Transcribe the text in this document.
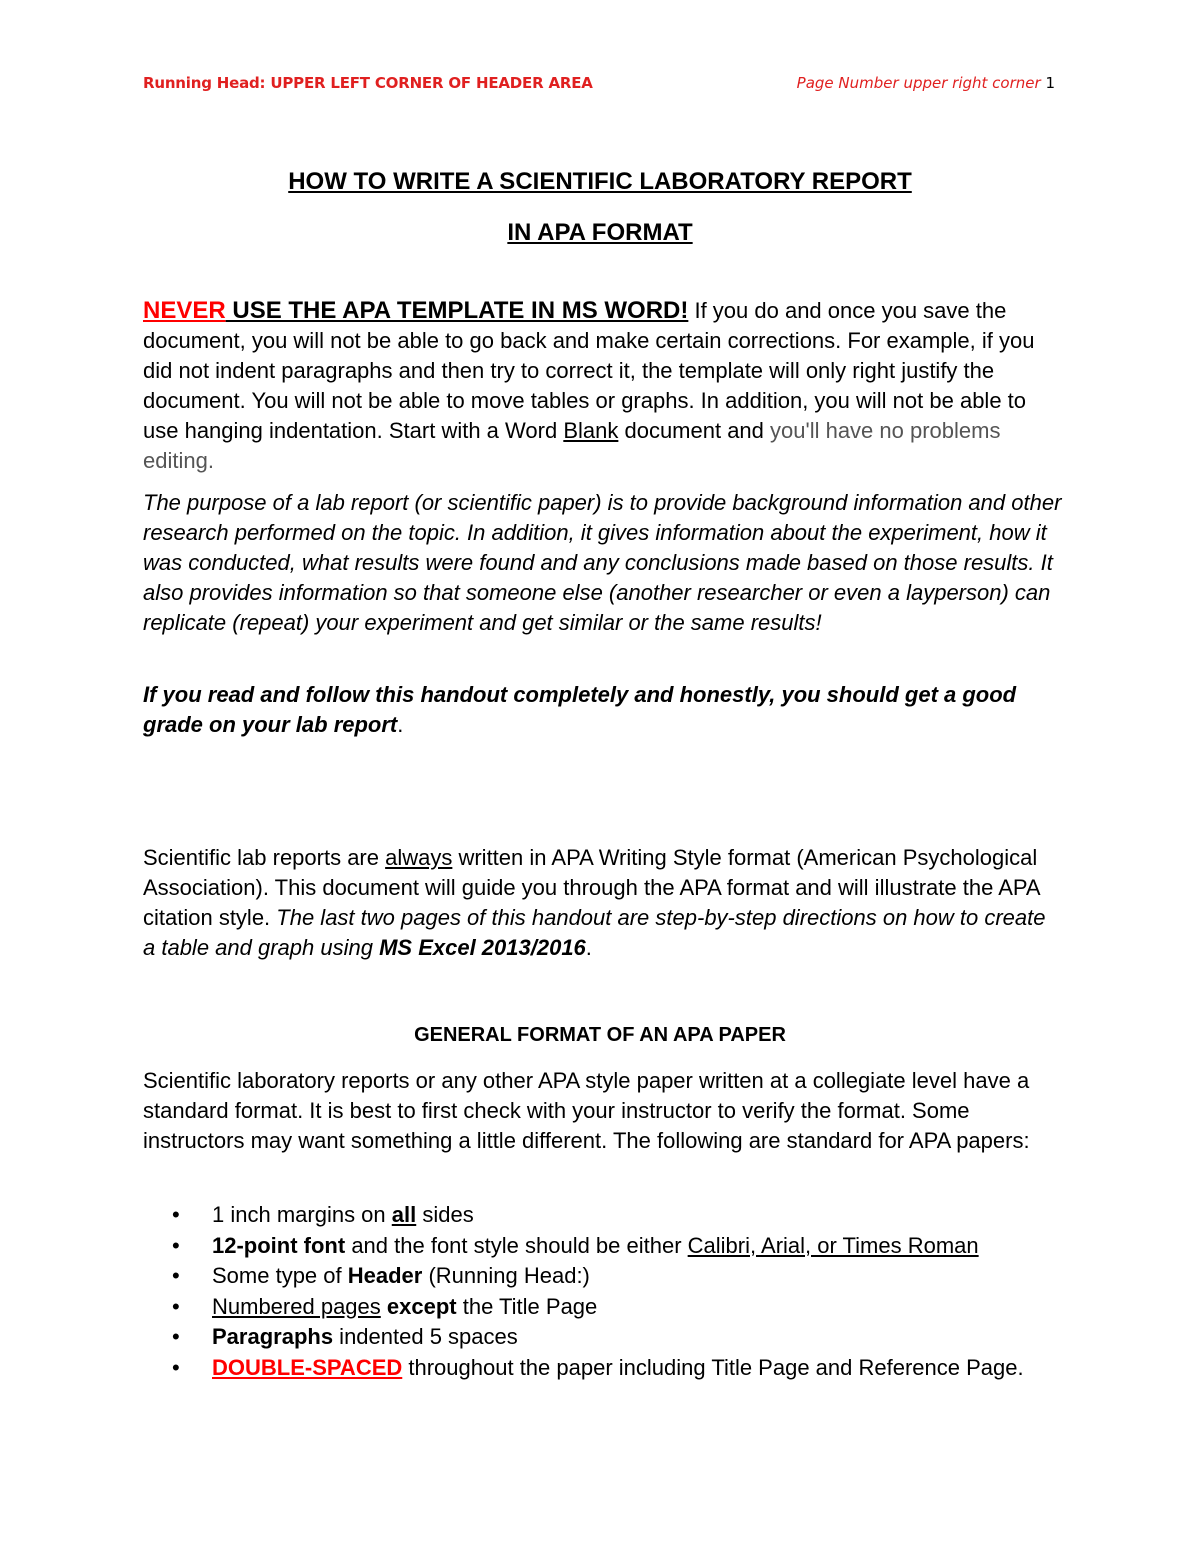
Running Head: UPPER LEFT CORNER OF HEADER AREA	Page Number upper right corner 1
HOW TO WRITE A SCIENTIFIC LABORATORY REPORT
IN APA FORMAT
NEVER USE THE APA TEMPLATE IN MS WORD! If you do and once you save the document, you will not be able to go back and make certain corrections. For example, if you did not indent paragraphs and then try to correct it, the template will only right justify the document. You will not be able to move tables or graphs. In addition, you will not be able to use hanging indentation. Start with a Word Blank document and you'll have no problems editing.
The purpose of a lab report (or scientific paper) is to provide background information and other research performed on the topic. In addition, it gives information about the experiment, how it was conducted, what results were found and any conclusions made based on those results. It also provides information so that someone else (another researcher or even a layperson) can replicate (repeat) your experiment and get similar or the same results!
If you read and follow this handout completely and honestly, you should get a good grade on your lab report.
Scientific lab reports are always written in APA Writing Style format (American Psychological Association). This document will guide you through the APA format and will illustrate the APA citation style. The last two pages of this handout are step-by-step directions on how to create a table and graph using MS Excel 2013/2016.
GENERAL FORMAT OF AN APA PAPER
Scientific laboratory reports or any other APA style paper written at a collegiate level have a standard format. It is best to first check with your instructor to verify the format. Some instructors may want something a little different. The following are standard for APA papers:
• 1 inch margins on all sides
• 12-point font and the font style should be either Calibri, Arial, or Times Roman
• Some type of Header (Running Head:)
• Numbered pages except the Title Page
• Paragraphs indented 5 spaces
• DOUBLE-SPACED throughout the paper including Title Page and Reference Page.
